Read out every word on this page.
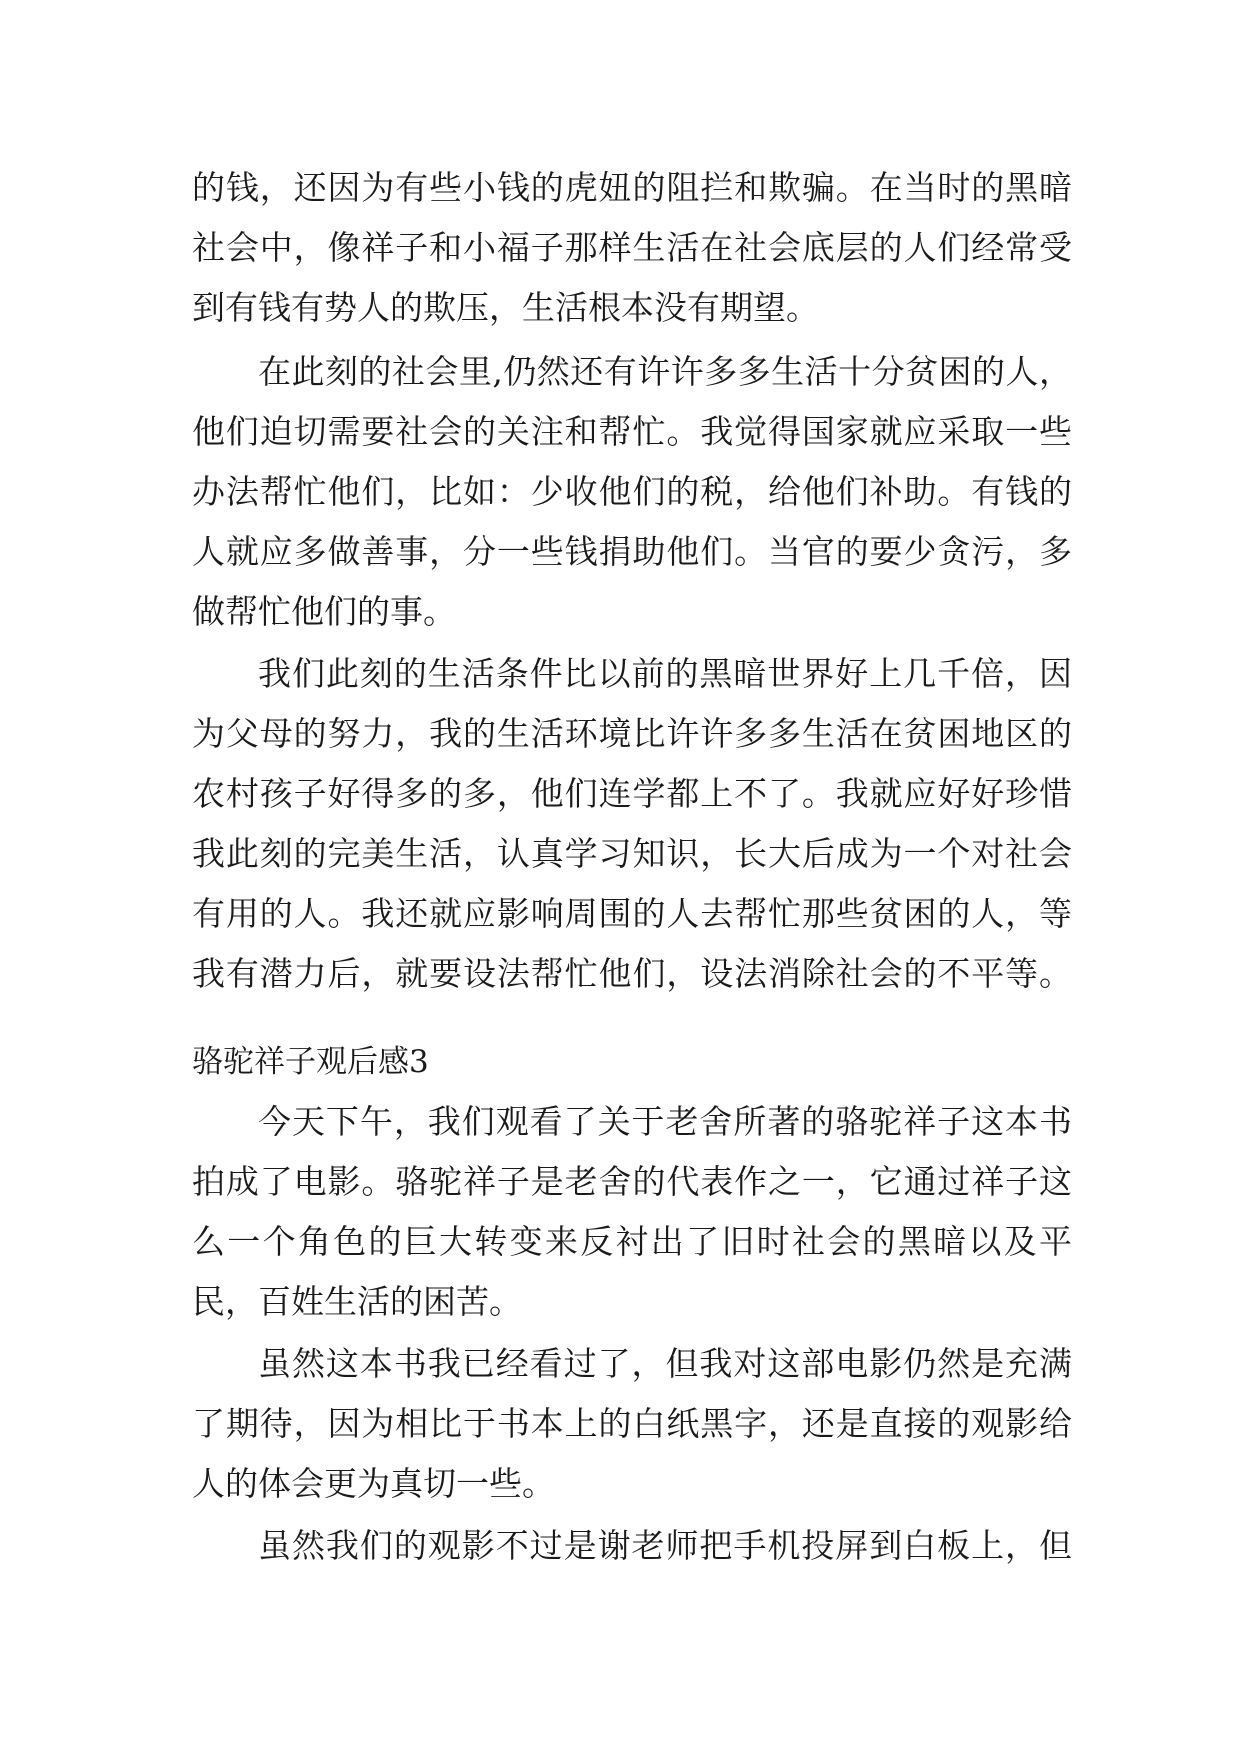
的钱，还因为有些小钱的虎妞的阻拦和欺骗。在当时的黑暗
社会中，像祥子和小福子那样生活在社会底层的人们经常受
到有钱有势人的欺压，生活根本没有期望。
在此刻的社会里,仍然还有许许多多生活十分贫困的人，
他们迫切需要社会的关注和帮忙。我觉得国家就应采取一些
办法帮忙他们，比如：少收他们的税，给他们补助。有钱的
人就应多做善事，分一些钱捐助他们。当官的要少贪污，多
做帮忙他们的事。
我们此刻的生活条件比以前的黑暗世界好上几千倍，因
为父母的努力，我的生活环境比许许多多生活在贫困地区的
农村孩子好得多的多，他们连学都上不了。我就应好好珍惜
我此刻的完美生活，认真学习知识，长大后成为一个对社会
有用的人。我还就应影响周围的人去帮忙那些贫困的人，等
我有潜力后，就要设法帮忙他们，设法消除社会的不平等。
骆驼祥子观后感3
今天下午，我们观看了关于老舍所著的骆驼祥子这本书
拍成了电影。骆驼祥子是老舍的代表作之一，它通过祥子这
么一个角色的巨大转变来反衬出了旧时社会的黑暗以及平
民，百姓生活的困苦。
虽然这本书我已经看过了，但我对这部电影仍然是充满
了期待，因为相比于书本上的白纸黑字，还是直接的观影给
人的体会更为真切一些。
虽然我们的观影不过是谢老师把手机投屏到白板上，但
